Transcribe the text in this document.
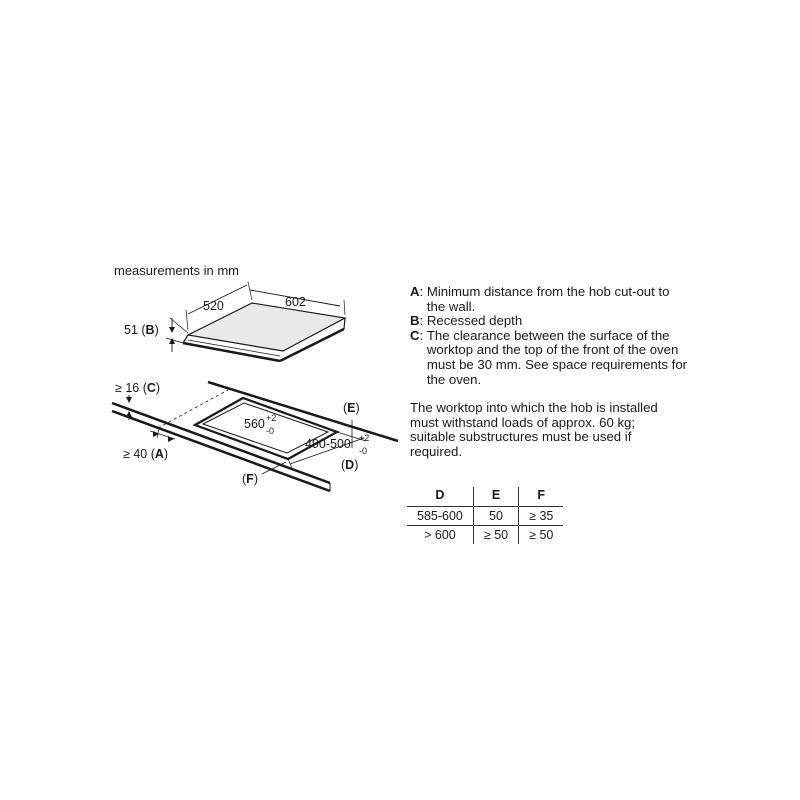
measurements in mm
520	602
51 (B)
≥ 16 (C)
≥ 40 (A)
560 +2
-0
490-500 +2
-0
(E)
(D)
(F)
A : Minimum distance from the hob cut-out to the wall.
B : Recessed depth
C : The clearance between the surface of the worktop and the top of the front of the oven must be 30 mm. See space requirements for the oven.
The worktop into which the hob is installed must withstand loads of approx. 60 kg; suitable substructures must be used if required.
D	E	F
585-600	50	≥ 35
> 600	≥ 50	≥ 50
